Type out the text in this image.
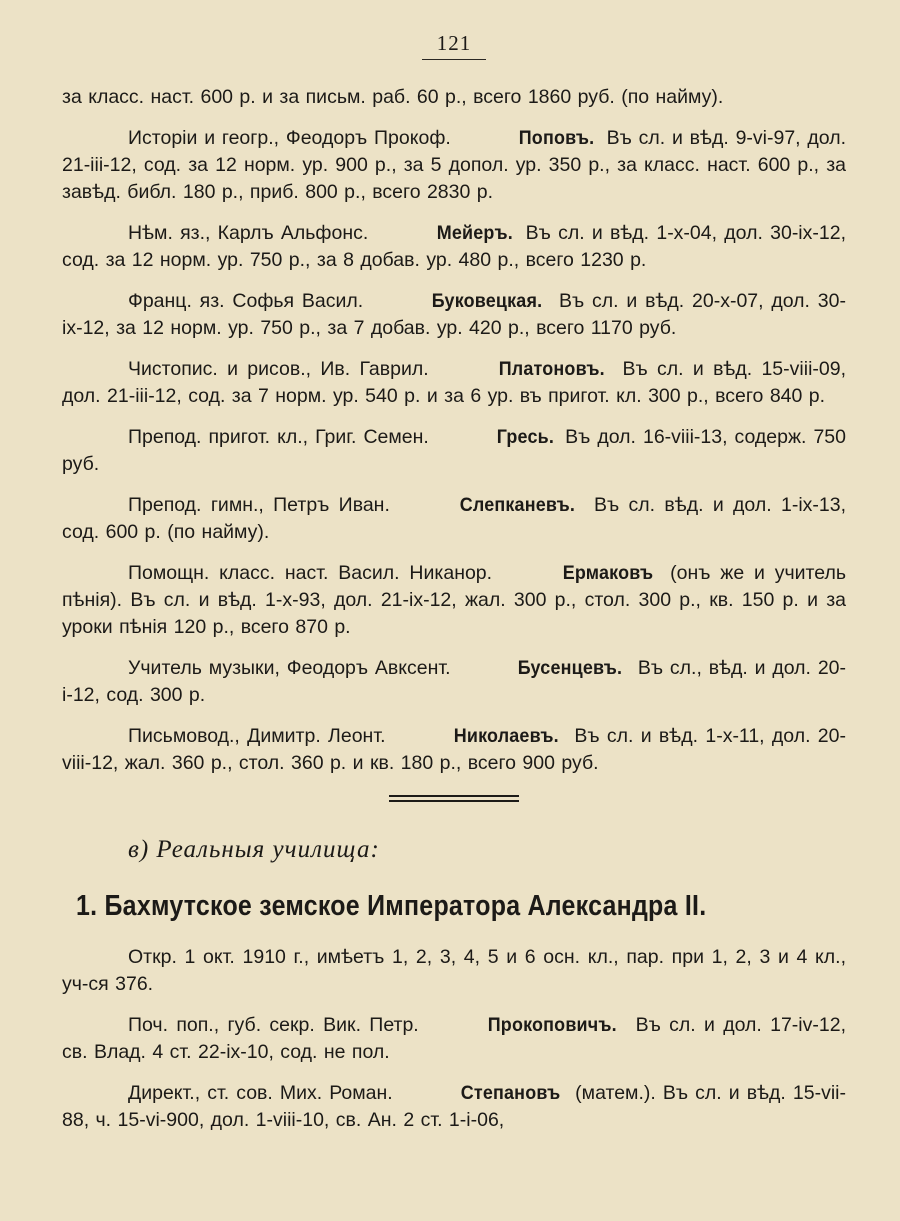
121

за класс. наст. 600 р. и за письм. раб. 60 р., всего 1860 руб. (по найму).

Исторiи и геогр., Феодоръ Прокоф.	Поповъ. Въ сл. и вѣд. 9-vi-97, дол. 21-iii-12, сод. за 12 норм. ур. 900 р., за 5 допол. ур. 350 р., за класс. наст. 600 р., за завѣд. библ. 180 р., приб. 800 р., всего 2830 р.

Нѣм. яз., Карлъ Альфонс.	Мейеръ. Въ сл. и вѣд. 1-x-04, дол. 30-ix-12, сод. за 12 норм. ур. 750 р., за 8 добав. ур. 480 р., всего 1230 р.

Франц. яз. Софья Васил.	Буковецкая. Въ сл. и вѣд. 20-x-07, дол. 30-ix-12, за 12 норм. ур. 750 р., за 7 добав. ур. 420 р., всего 1170 руб.

Чистопис. и рисов., Ив. Гаврил.	Платоновъ. Въ сл. и вѣд. 15-viii-09, дол. 21-iii-12, сод. за 7 норм. ур. 540 р. и за 6 ур. въ пригот. кл. 300 р., всего 840 р.

Препод. пригот. кл., Григ. Семен.	Гресь. Въ дол. 16-viii-13, содерж. 750 руб.

Препод. гимн., Петръ Иван.	Слепканевъ. Въ сл. вѣд. и дол. 1-ix-13, сод. 600 р. (по найму).

Помощн. класс. наст. Васил. Никанор.	Ермаковъ (онъ же и учитель пѣнiя). Въ сл. и вѣд. 1-x-93, дол. 21-ix-12, жал. 300 р., стол. 300 р., кв. 150 р. и за уроки пѣнiя 120 р., всего 870 р.

Учитель музыки, Феодоръ Авксент.	Бусенцевъ. Въ сл., вѣд. и дол. 20-i-12, сод. 300 р.

Письмовод., Димитр. Леонт.	Николаевъ. Въ сл. и вѣд. 1-x-11, дол. 20-viii-12, жал. 360 р., стол. 360 р. и кв. 180 р., всего 900 руб.

в) Реальныя училища:
1. Бахмутское земское Императора Александра II.

Откр. 1 окт. 1910 г., имѣетъ 1, 2, 3, 4, 5 и 6 осн. кл., пар. при 1, 2, 3 и 4 кл., уч-ся 376.

Поч. поп., губ. секр. Вик. Петр.	Прокоповичъ. Въ сл. и дол. 17-iv-12, св. Влад. 4 ст. 22-ix-10, сод. не пол.

Директ., ст. сов. Мих. Роман.	Степановъ (матем.). Въ сл. и вѣд. 15-vii-88, ч. 15-vi-900, дол. 1-viii-10, св. Ан. 2 ст. 1-i-06,
